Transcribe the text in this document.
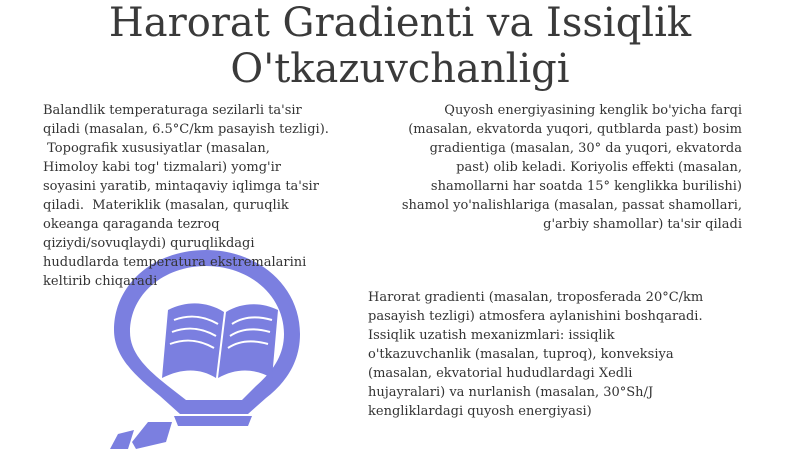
Harorat Gradienti va Issiqlik
O'tkazuvchanligi
Balandlik temperaturaga sezilarli ta'sir
qiladi (masalan, 6.5°C/km pasayish tezligi).
Topografik xususiyatlar (masalan,
Himoloy kabi tog' tizmalari) yomg'ir
soyasini yaratib, mintaqaviy iqlimga ta'sir
qiladi.  Materiklik (masalan, quruqlik
okeanga qaraganda tezroq
qiziydi/sovuqlaydi) quruqlikdagi
hududlarda temperatura ekstremalarini
keltirib chiqaradi
Quyosh energiyasining kenglik bo'yicha farqi
(masalan, ekvatorda yuqori, qutblarda past) bosim
gradientiga (masalan, 30° da yuqori, ekvatorda
past) olib keladi. Koriyolis effekti (masalan,
shamollarni har soatda 15° kenglikka burilishi)
shamol yo'nalishlariga (masalan, passat shamollari,
g'arbiy shamollar) ta'sir qiladi
Harorat gradienti (masalan, troposferada 20°C/km
pasayish tezligi) atmosfera aylanishini boshqaradi.
Issiqlik uzatish mexanizmlari: issiqlik
o'tkazuvchanlik (masalan, tuproq), konveksiya
(masalan, ekvatorial hududlardagi Xedli
hujayralari) va nurlanish (masalan, 30°Sh/J
kengliklardagi quyosh energiyasi)
